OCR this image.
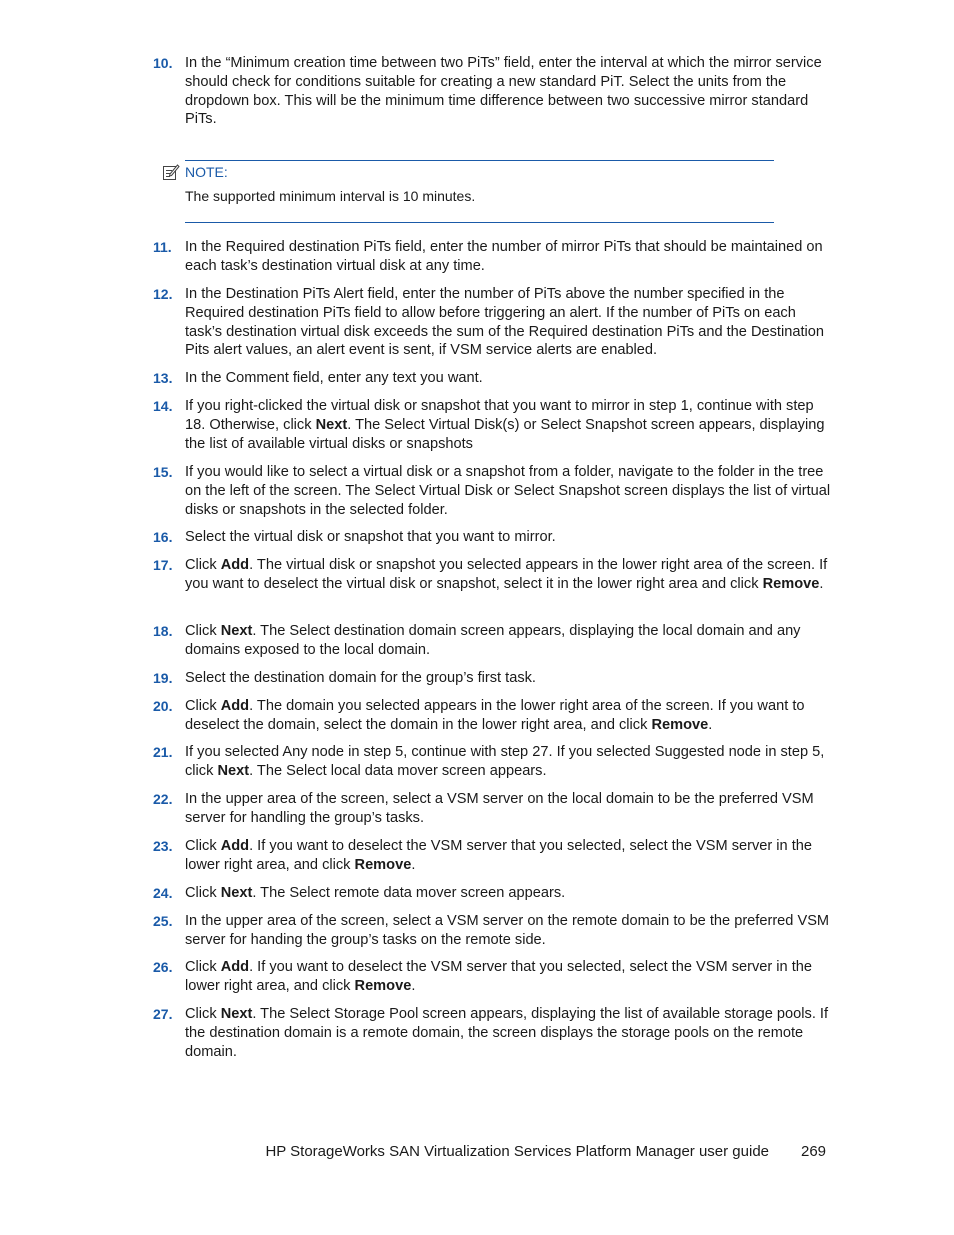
10. In the “Minimum creation time between two PiTs” field, enter the interval at which the mirror service should check for conditions suitable for creating a new standard PiT. Select the units from the dropdown box. This will be the minimum time difference between two successive mirror standard PiTs.
11. In the Required destination PiTs field, enter the number of mirror PiTs that should be maintained on each task’s destination virtual disk at any time.
12. In the Destination PiTs Alert field, enter the number of PiTs above the number specified in the Required destination PiTs field to allow before triggering an alert. If the number of PiTs on each task’s destination virtual disk exceeds the sum of the Required destination PiTs and the Destination Pits alert values, an alert event is sent, if VSM service alerts are enabled.
13. In the Comment field, enter any text you want.
14. If you right-clicked the virtual disk or snapshot that you want to mirror in step 1, continue with step 18. Otherwise, click Next. The Select Virtual Disk(s) or Select Snapshot screen appears, displaying the list of available virtual disks or snapshots
15. If you would like to select a virtual disk or a snapshot from a folder, navigate to the folder in the tree on the left of the screen. The Select Virtual Disk or Select Snapshot screen displays the list of virtual disks or snapshots in the selected folder.
16. Select the virtual disk or snapshot that you want to mirror.
17. Click Add. The virtual disk or snapshot you selected appears in the lower right area of the screen. If you want to deselect the virtual disk or snapshot, select it in the lower right area and click Remove.
18. Click Next. The Select destination domain screen appears, displaying the local domain and any domains exposed to the local domain.
19. Select the destination domain for the group’s first task.
20. Click Add. The domain you selected appears in the lower right area of the screen. If you want to deselect the domain, select the domain in the lower right area, and click Remove.
21. If you selected Any node in step 5, continue with step 27. If you selected Suggested node in step 5, click Next. The Select local data mover screen appears.
22. In the upper area of the screen, select a VSM server on the local domain to be the preferred VSM server for handling the group’s tasks.
23. Click Add. If you want to deselect the VSM server that you selected, select the VSM server in the lower right area, and click Remove.
24. Click Next. The Select remote data mover screen appears.
25. In the upper area of the screen, select a VSM server on the remote domain to be the preferred VSM server for handing the group’s tasks on the remote side.
26. Click Add. If you want to deselect the VSM server that you selected, select the VSM server in the lower right area, and click Remove.
27. Click Next. The Select Storage Pool screen appears, displaying the list of available storage pools. If the destination domain is a remote domain, the screen displays the storage pools on the remote domain.
NOTE:
The supported minimum interval is 10 minutes.
HP StorageWorks SAN Virtualization Services Platform Manager user guide 269
